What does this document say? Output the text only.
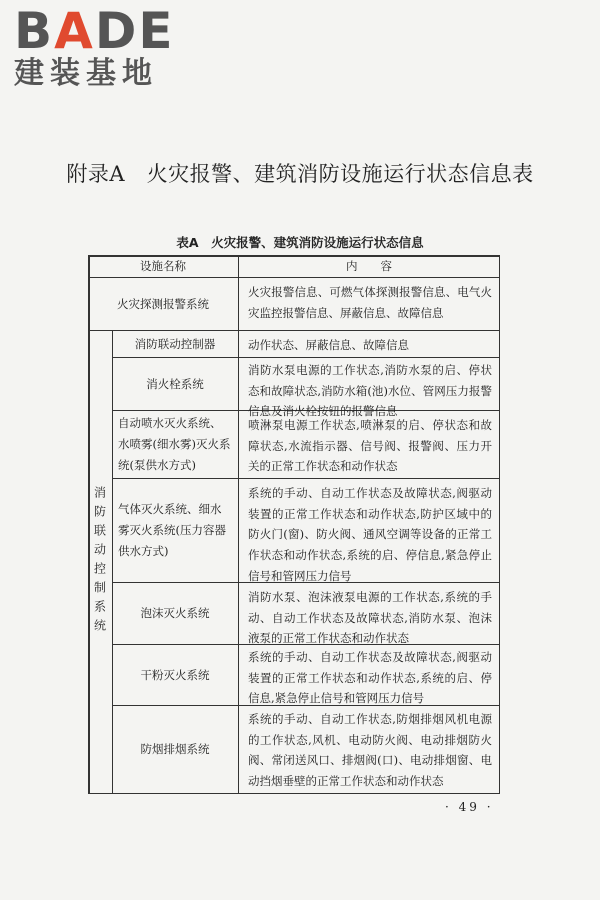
BADE
建装基地
附录A　火灾报警、建筑消防设施运行状态信息表
表A　火灾报警、建筑消防设施运行状态信息
设施名称	内　　容
火灾探测报警系统
火灾报警信息、可燃气体探测报警信息、电气火灾监控报警信息、屏蔽信息、故障信息
消防联动控制系统
消防联动控制器	动作状态、屏蔽信息、故障信息
消火栓系统
消防水泵电源的工作状态,消防水泵的启、停状态和故障状态,消防水箱(池)水位、管网压力报警信息及消火栓按钮的报警信息
自动喷水灭火系统、水喷雾(细水雾)灭火系统(泵供水方式)
喷淋泵电源工作状态,喷淋泵的启、停状态和故障状态,水流指示器、信号阀、报警阀、压力开关的正常工作状态和动作状态
气体灭火系统、细水雾灭火系统(压力容器供水方式)
系统的手动、自动工作状态及故障状态,阀驱动装置的正常工作状态和动作状态,防护区域中的防火门(窗)、防火阀、通风空调等设备的正常工作状态和动作状态,系统的启、停信息,紧急停止信号和管网压力信号
泡沫灭火系统
消防水泵、泡沫液泵电源的工作状态,系统的手动、自动工作状态及故障状态,消防水泵、泡沫液泵的正常工作状态和动作状态
干粉灭火系统
系统的手动、自动工作状态及故障状态,阀驱动装置的正常工作状态和动作状态,系统的启、停信息,紧急停止信号和管网压力信号
防烟排烟系统
系统的手动、自动工作状态,防烟排烟风机电源的工作状态,风机、电动防火阀、电动排烟防火阀、常闭送风口、排烟阀(口)、电动排烟窗、电动挡烟垂壁的正常工作状态和动作状态
· 49 ·
